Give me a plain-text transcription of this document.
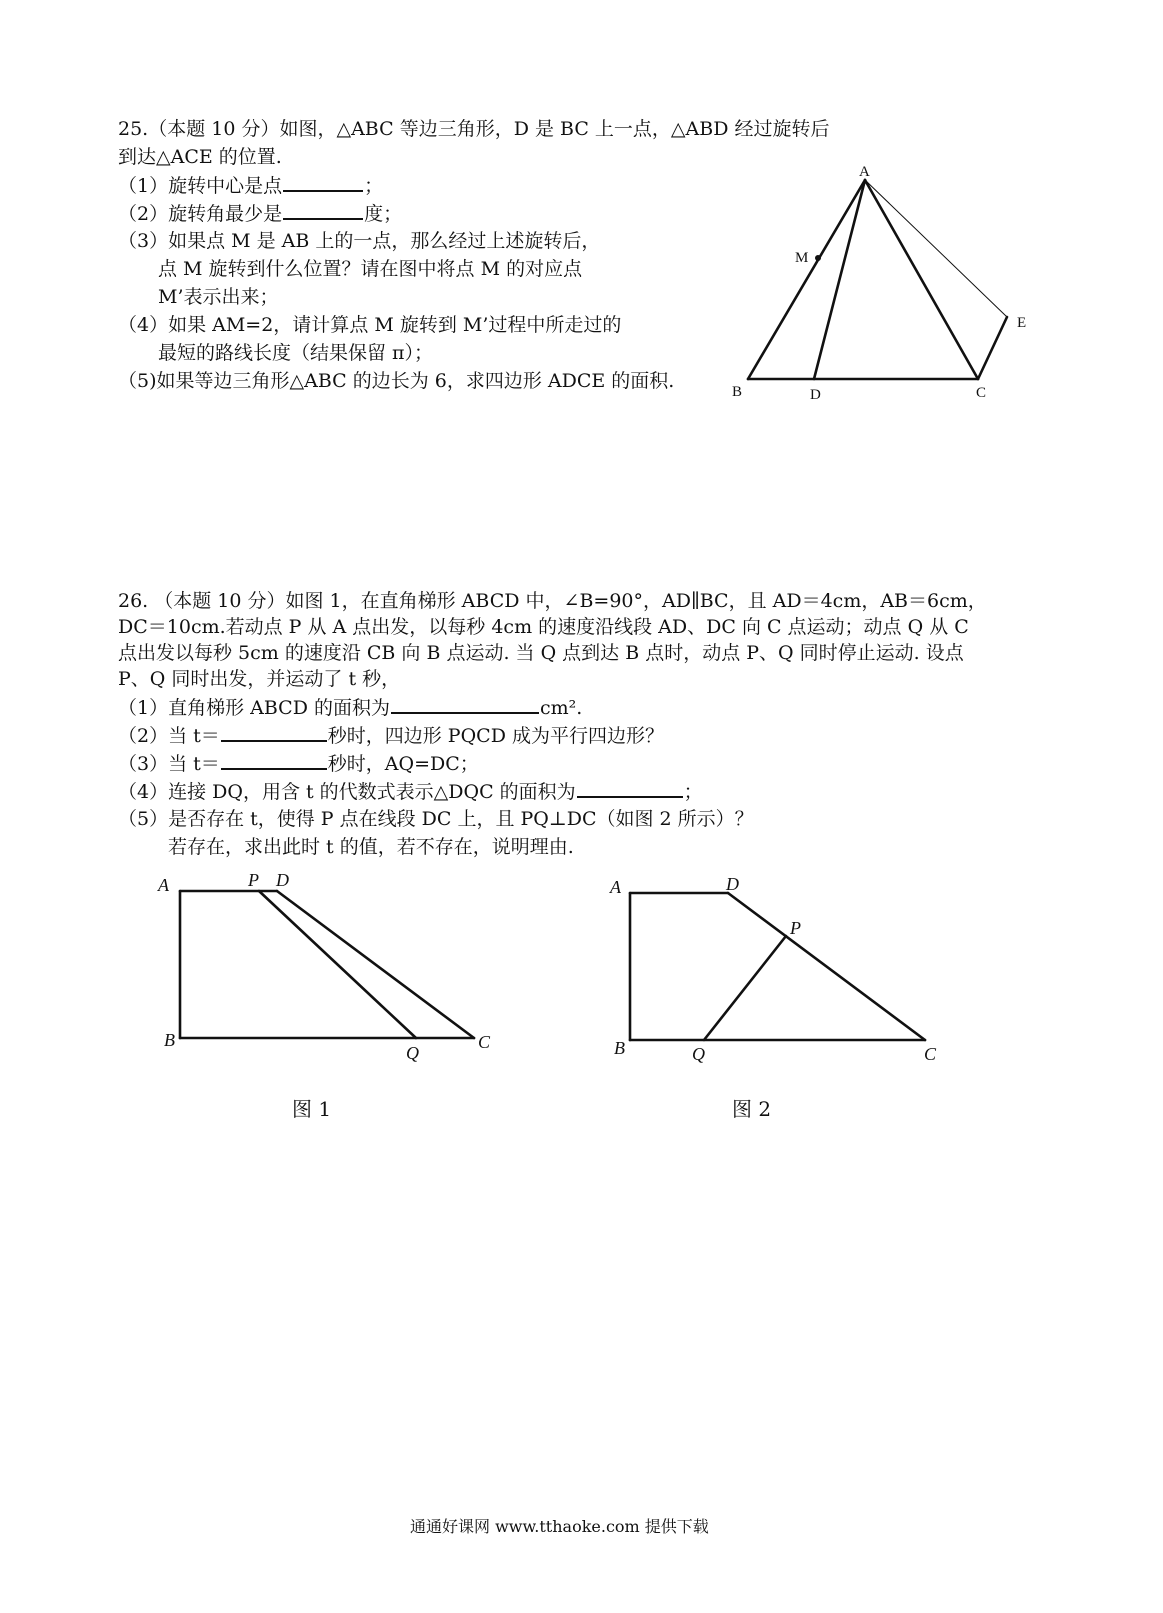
25.（本题 10 分）如图，△ABC 等边三角形，D 是 BC 上一点，△ABD 经过旋转后
到达△ACE 的位置.
（1）旋转中心是点	；
（2）旋转角最少是	度；
（3）如果点 M 是 AB 上的一点，那么经过上述旋转后，
点 M 旋转到什么位置？请在图中将点 M 的对应点
M’表示出来；
（4）如果 AM=2，请计算点 M 旋转到 M’过程中所走过的
最短的路线长度（结果保留 π）；
（5)如果等边三角形△ABC 的边长为 6，求四边形 ADCE 的面积.
A
B	C
D
E
M
26. （本题 10 分）如图 1，在直角梯形 ABCD 中，∠B=90°，AD∥BC，且 AD＝4cm，AB＝6cm，
DC＝10cm.若动点 P 从 A 点出发，以每秒 4cm 的速度沿线段 AD、DC 向 C 点运动；动点 Q 从 C
点出发以每秒 5cm 的速度沿 CB 向 B 点运动. 当 Q 点到达 B 点时，动点 P、Q 同时停止运动. 设点
P、Q 同时出发，并运动了 t 秒，
（1）直角梯形 ABCD 的面积为	cm².
（2）当 t＝	秒时，四边形 PQCD 成为平行四边形？
（3）当 t＝	秒时，AQ=DC；
（4）连接 DQ，用含 t 的代数式表示△DQC 的面积为	；
（5）是否存在 t，使得 P 点在线段 DC 上，且 PQ⊥DC（如图 2 所示）？
若存在，求出此时 t 的值，若不存在，说明理由.
A	P D
B
Q
C
A	D
P
B	Q	C
图 1	图 2
通通好课网 www.tthaoke.com 提供下载
